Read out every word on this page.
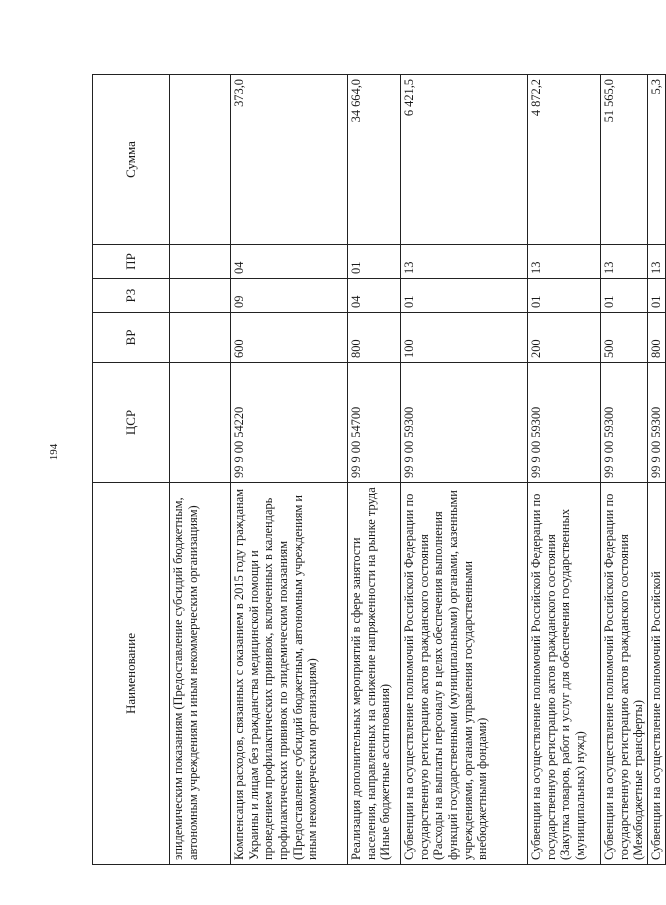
194
Наименование	ЦСР	ВР	РЗ	ПР	Сумма
эпидемическим показаниям (Предоставление субсидий бюджетным, автономным учреждениям и иным некоммерческим организациям)					
Компенсация расходов, связанных с оказанием в 2015 году гражданам Украины и лицам без гражданства медицинской помощи и проведением профилактических прививок, включенных в календарь профилактических прививок по эпидемическим показаниям (Предоставление субсидий бюджетным, автономным учреждениям и иным некоммерческим организациям)	99 9 00 54220	600	09	04	373,0
Реализация дополнительных мероприятий в сфере занятости населения, направленных на снижение напряженности на рынке труда (Иные бюджетные ассигнования)	99 9 00 54700	800	04	01	34 664,0
Субвенции на осуществление полномочий Российской Федерации по государственную регистрацию актов гражданского состояния (Расходы на выплаты персоналу в целях обеспечения выполнения функций государственными (муниципальными) органами, казенными учреждениями, органами управления государственными внебюджетными фондами)	99 9 00 59300	100	01	13	6 421,5
Субвенции на осуществление полномочий Российской Федерации по государственную регистрацию актов гражданского состояния (Закупка товаров, работ и услуг для обеспечения государственных (муниципальных) нужд)	99 9 00 59300	200	01	13	4 872,2
Субвенции на осуществление полномочий Российской Федерации по государственную регистрацию актов гражданского состояния (Межбюджетные трансферты)	99 9 00 59300	500	01	13	51 565,0
Субвенции на осуществление полномочий Российской	99 9 00 59300	800	01	13	5,3
